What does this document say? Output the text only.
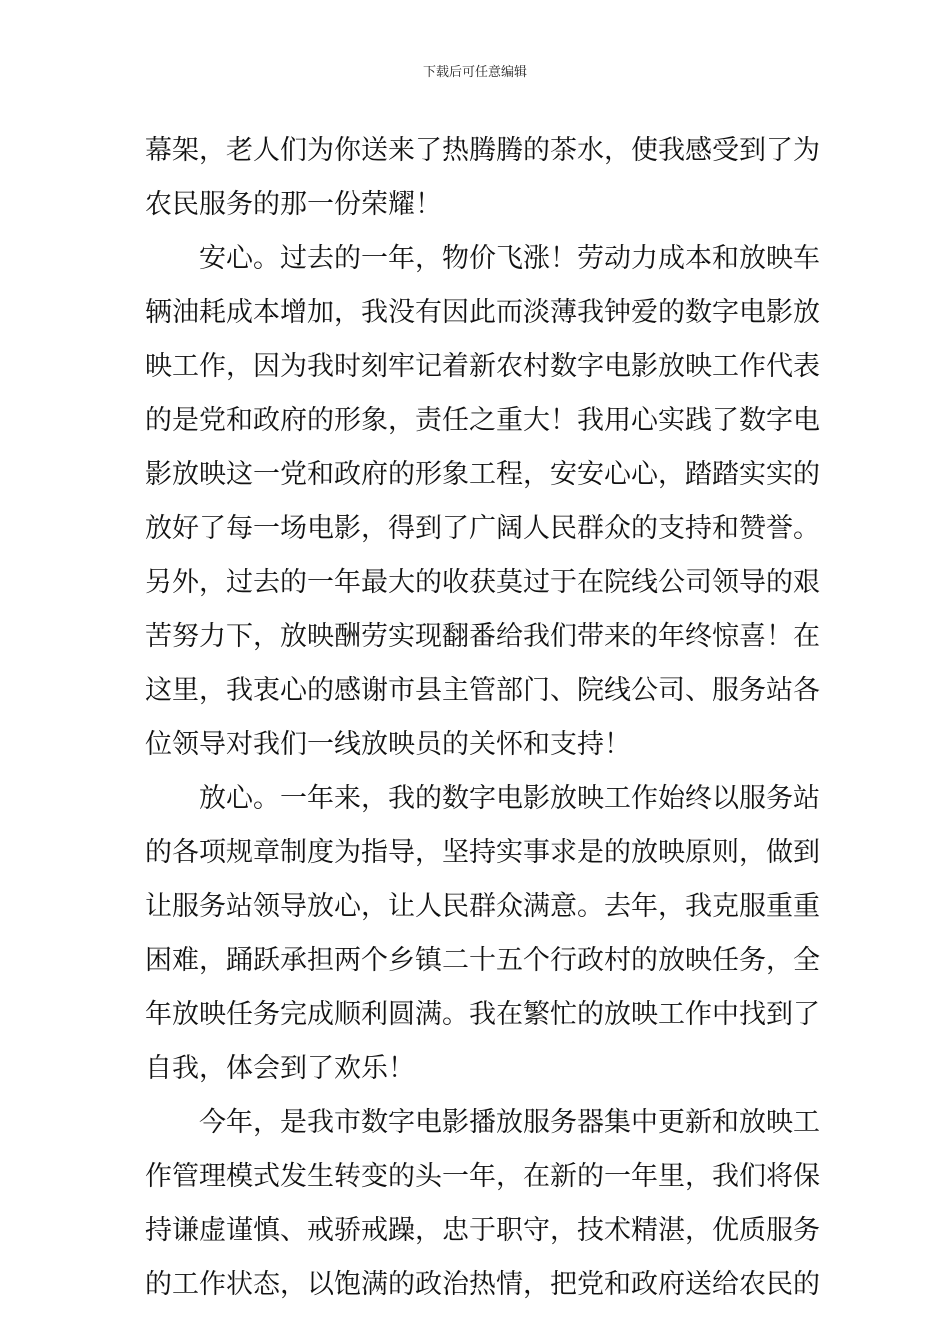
下载后可任意编辑
幕架，老人们为你送来了热腾腾的茶水，使我感受到了为
农民服务的那一份荣耀！
安心。过去的一年，物价飞涨！劳动力成本和放映车
辆油耗成本增加，我没有因此而淡薄我钟爱的数字电影放
映工作，因为我时刻牢记着新农村数字电影放映工作代表
的是党和政府的形象，责任之重大！我用心实践了数字电
影放映这一党和政府的形象工程，安安心心，踏踏实实的
放好了每一场电影，得到了广阔人民群众的支持和赞誉。
另外，过去的一年最大的收获莫过于在院线公司领导的艰
苦努力下，放映酬劳实现翻番给我们带来的年终惊喜！在
这里，我衷心的感谢市县主管部门、院线公司、服务站各
位领导对我们一线放映员的关怀和支持！
放心。一年来，我的数字电影放映工作始终以服务站
的各项规章制度为指导，坚持实事求是的放映原则，做到
让服务站领导放心，让人民群众满意。去年，我克服重重
困难，踊跃承担两个乡镇二十五个行政村的放映任务，全
年放映任务完成顺利圆满。我在繁忙的放映工作中找到了
自我，体会到了欢乐！
今年，是我市数字电影播放服务器集中更新和放映工
作管理模式发生转变的头一年，在新的一年里，我们将保
持谦虚谨慎、戒骄戒躁，忠于职守，技术精湛，优质服务
的工作状态，以饱满的政治热情，把党和政府送给农民的
